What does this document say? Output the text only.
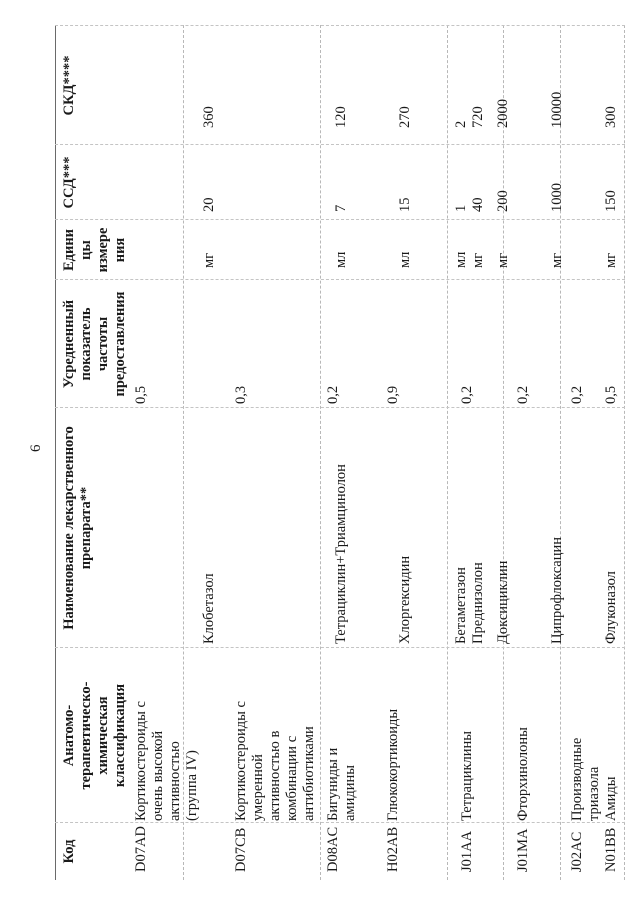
6
Код
Анатомо-
терапевтическо-
химическая
классификация
Наименование лекарственного
препарата**
Усредненный
показатель
частоты
предоставления
Едини
цы
измере
ния
ССД***
СКД****
D07AD
Кортикостероиды с
очень высокой
активностью
(группа IV)
0,5
Клобетазол
мг
20
360
D07CB
Кортикостероиды с
умеренной
активностью в
комбинации с
антибиотиками
0,3
Тетрациклин+Триамцинолон
мл
7
120
D08AC
Бигуниды и
амидины
0,2
Хлоргексидин
мл
15
270
H02AB
Глюкокортикоиды
0,9
Бетаметазон
Преднизолон
мл
мг
1
40
2
720
J01AA
Тетрациклины
0,2
Доксициклин
мг
200
2000
J01MA
Фторхинолоны
0,2
Ципрофлоксацин
мг
1000
10000
J02AC
Производные
триазола
0,2
N01BB
Амиды
0,5
Флуконазол
мг
150
300
